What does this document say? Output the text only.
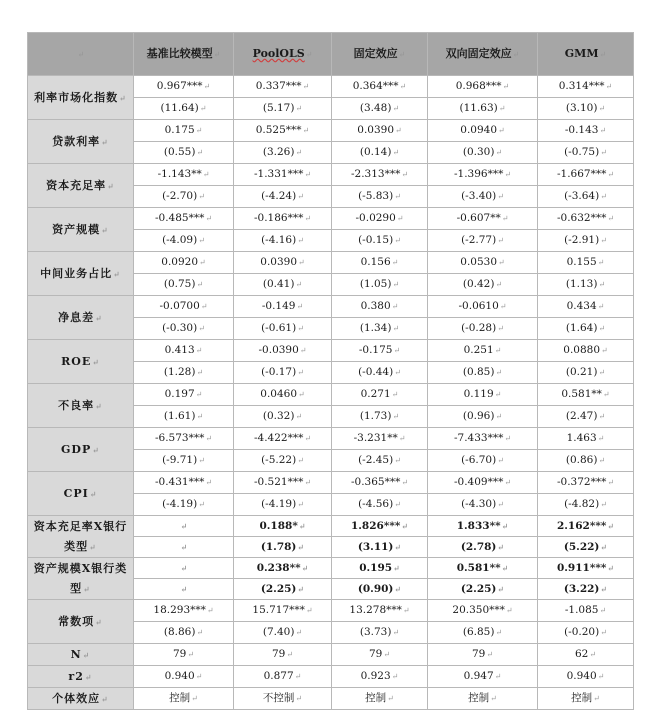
↵	基准比较模型↵	PoolOLS↵	固定效应↵	双向固定效应↵	GMM↵
利率市场化指数↵	0.967***↵	0.337***↵	0.364***↵	0.968***↵	0.314***↵
	(11.64)↵	(5.17)↵	(3.48)↵	(11.63)↵	(3.10)↵
贷款利率↵	0.175↵	0.525***↵	0.0390↵	0.0940↵	-0.143↵
	(0.55)↵	(3.26)↵	(0.14)↵	(0.30)↵	(-0.75)↵
资本充足率↵	-1.143**↵	-1.331***↵	-2.313***↵	-1.396***↵	-1.667***↵
	(-2.70)↵	(-4.24)↵	(-5.83)↵	(-3.40)↵	(-3.64)↵
资产规模↵	-0.485***↵	-0.186***↵	-0.0290↵	-0.607**↵	-0.632***↵
	(-4.09)↵	(-4.16)↵	(-0.15)↵	(-2.77)↵	(-2.91)↵
中间业务占比↵	0.0920↵	0.0390↵	0.156↵	0.0530↵	0.155↵
	(0.75)↵	(0.41)↵	(1.05)↵	(0.42)↵	(1.13)↵
净息差↵	-0.0700↵	-0.149↵	0.380↵	-0.0610↵	0.434↵
	(-0.30)↵	(-0.61)↵	(1.34)↵	(-0.28)↵	(1.64)↵
ROE↵	0.413↵	-0.0390↵	-0.175↵	0.251↵	0.0880↵
	(1.28)↵	(-0.17)↵	(-0.44)↵	(0.85)↵	(0.21)↵
不良率↵	0.197↵	0.0460↵	0.271↵	0.119↵	0.581**↵
	(1.61)↵	(0.32)↵	(1.73)↵	(0.96)↵	(2.47)↵
GDP↵	-6.573***↵	-4.422***↵	-3.231**↵	-7.433***↵	1.463↵
	(-9.71)↵	(-5.22)↵	(-2.45)↵	(-6.70)↵	(0.86)↵
CPI↵	-0.431***↵	-0.521***↵	-0.365***↵	-0.409***↵	-0.372***↵
	(-4.19)↵	(-4.19)↵	(-4.56)↵	(-4.30)↵	(-4.82)↵
资本充足率X银行类型↵	↵	0.188*↵	1.826***↵	1.833**↵	2.162***↵
	↵	(1.78)↵	(3.11)↵	(2.78)↵	(5.22)↵
资产规模X银行类型↵	↵	0.238**↵	0.195↵	0.581**↵	0.911***↵
	↵	(2.25)↵	(0.90)↵	(2.25)↵	(3.22)↵
常数项↵	18.293***↵	15.717***↵	13.278***↵	20.350***↵	-1.085↵
	(8.86)↵	(7.40)↵	(3.73)↵	(6.85)↵	(-0.20)↵
N↵	79↵	79↵	79↵	79↵	62↵
r2↵	0.940↵	0.877↵	0.923↵	0.947↵	0.940↵
个体效应↵	控制↵	不控制↵	控制↵	控制↵	控制↵
